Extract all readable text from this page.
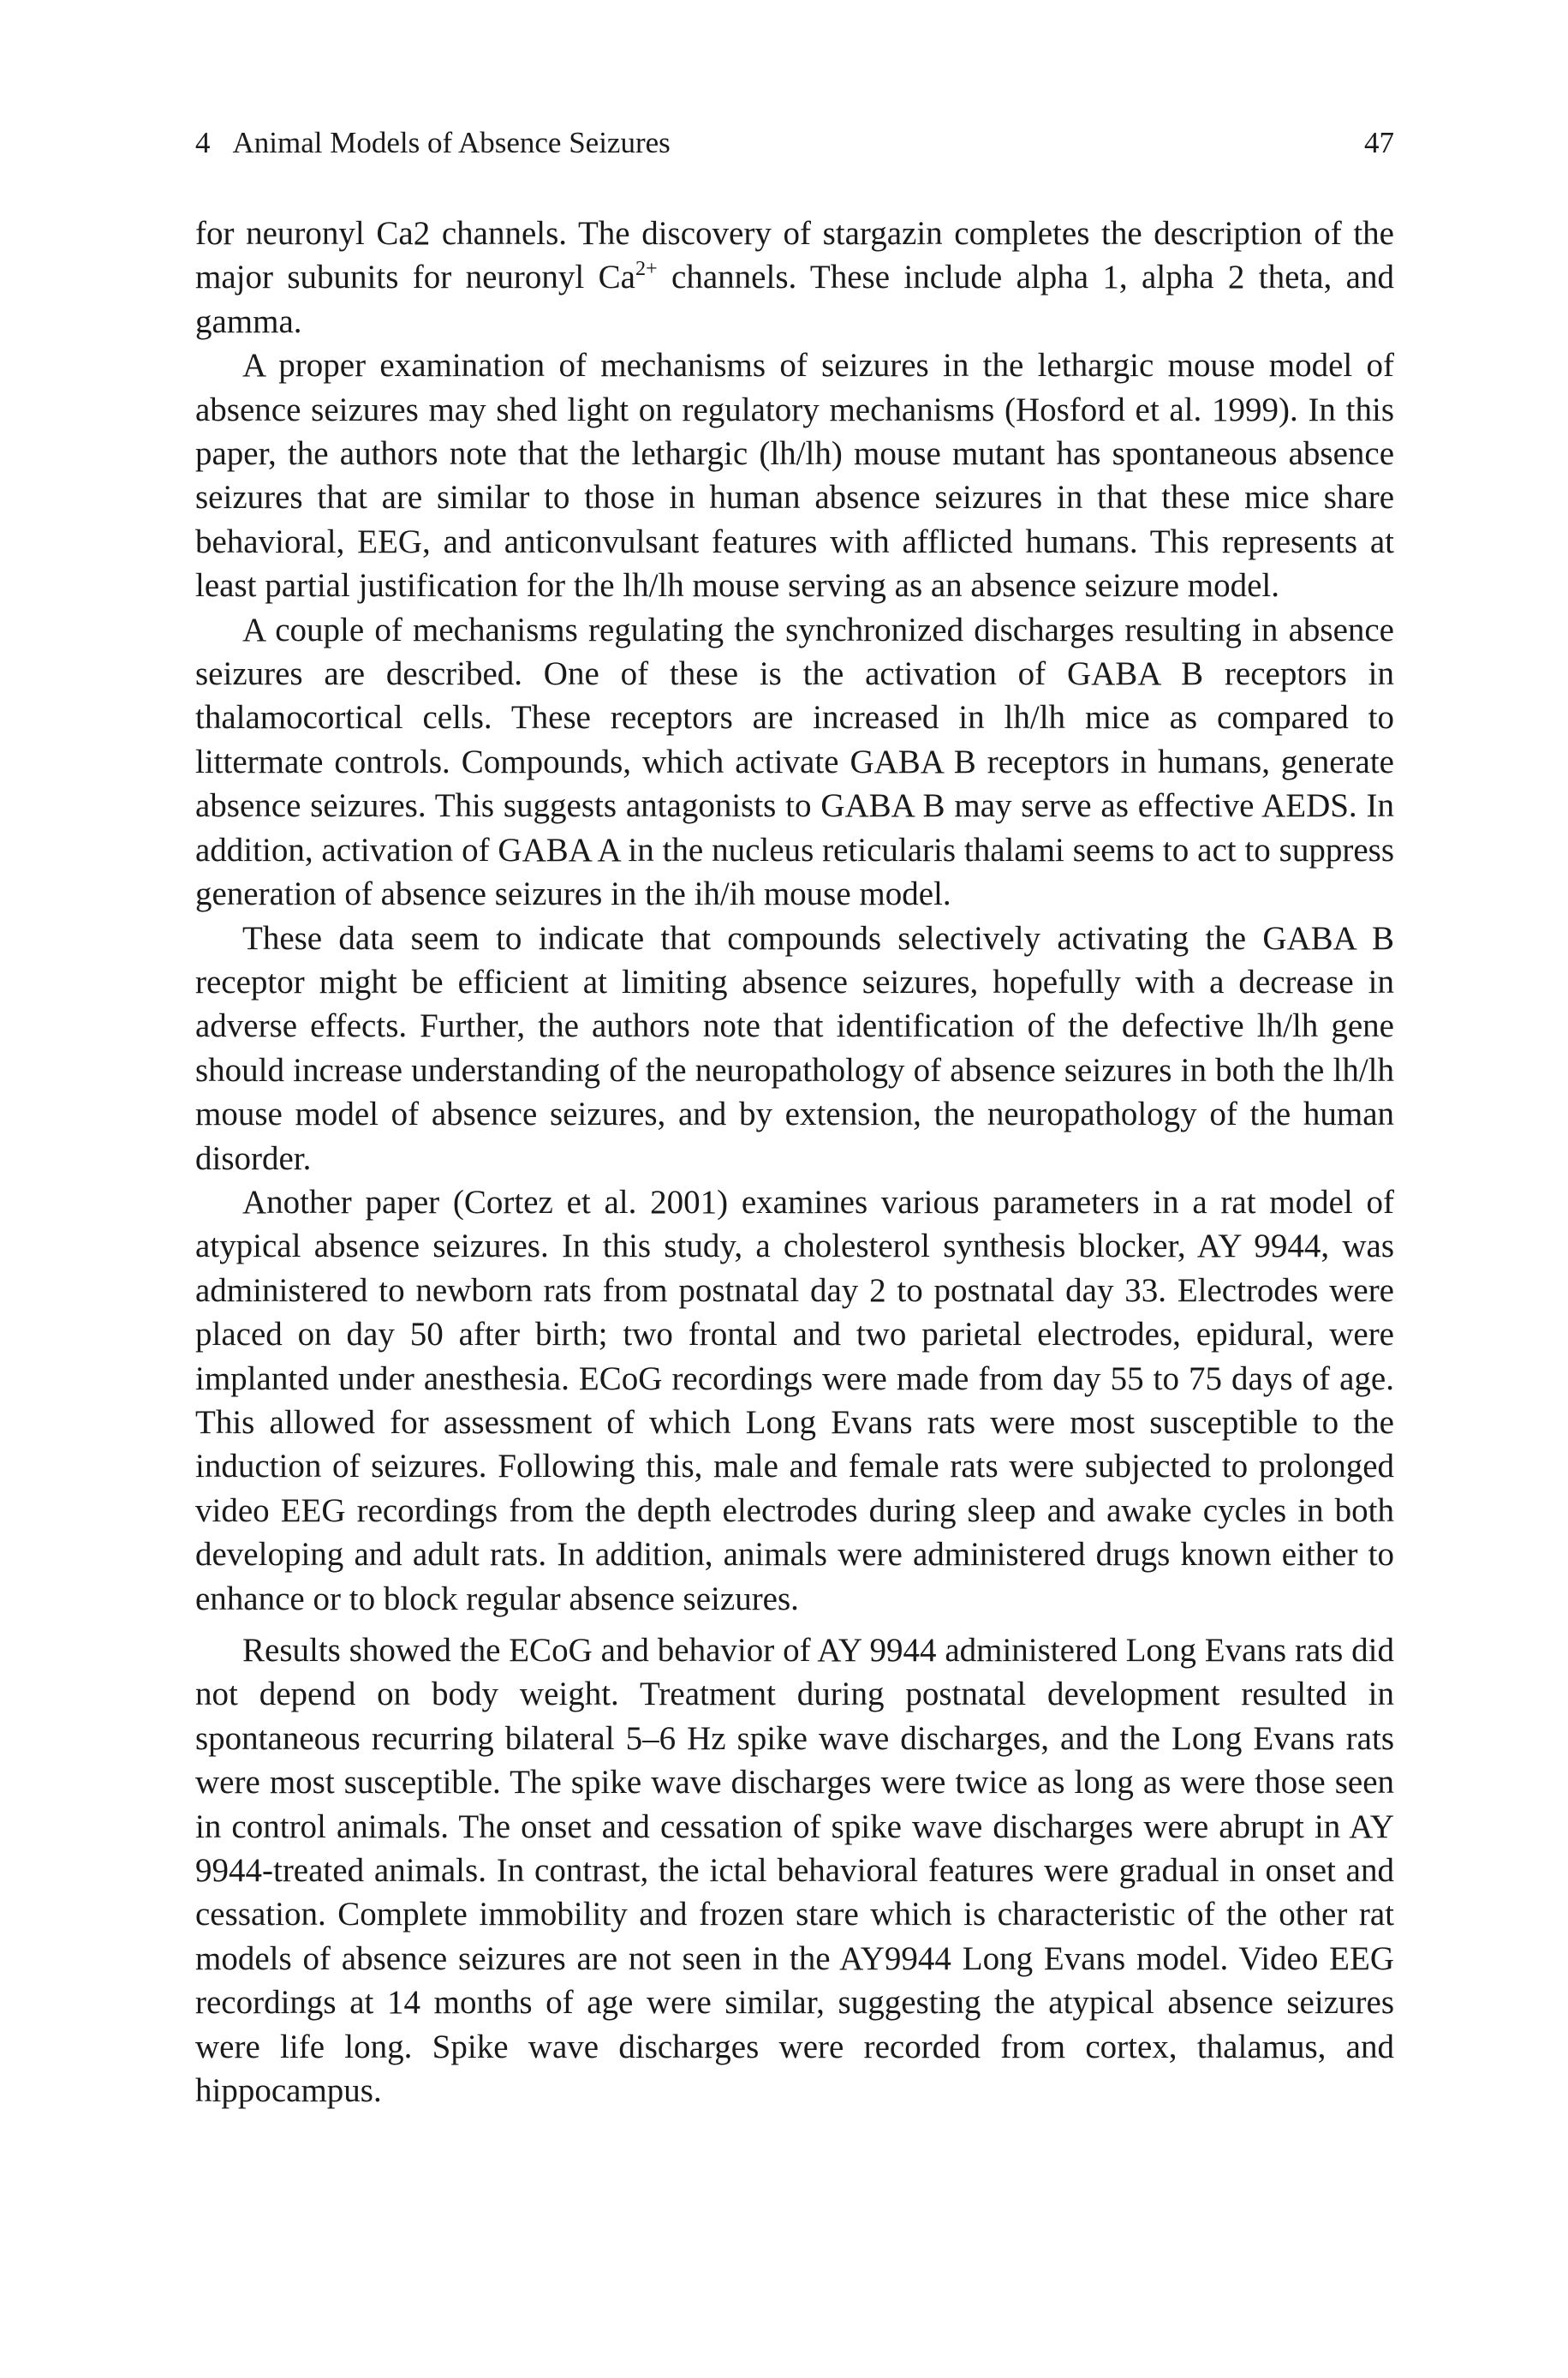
4 Animal Models of Absence Seizures	47

for neuronyl Ca2 channels. The discovery of stargazin completes the description of the major subunits for neuronyl $Ca^{2+}$ channels. These include alpha 1, alpha 2 theta, and gamma.

A proper examination of mechanisms of seizures in the lethargic mouse model of absence seizures may shed light on regulatory mechanisms (Hosford et al. 1999). In this paper, the authors note that the lethargic (lh/lh) mouse mutant has spontaneous absence seizures that are similar to those in human absence seizures in that these mice share behavioral, EEG, and anticonvulsant features with afflicted humans. This represents at least partial justification for the lh/lh mouse serving as an absence seizure model.

A couple of mechanisms regulating the synchronized discharges resulting in absence seizures are described. One of these is the activation of GABA B receptors in thalamocortical cells. These receptors are increased in lh/lh mice as compared to littermate controls. Compounds, which activate GABA B receptors in humans, generate absence seizures. This suggests antagonists to GABA B may serve as effective AEDS. In addition, activation of GABA A in the nucleus reticularis thalami seems to act to suppress generation of absence seizures in the ih/ih mouse model.

These data seem to indicate that compounds selectively activating the GABA B receptor might be efficient at limiting absence seizures, hopefully with a decrease in adverse effects. Further, the authors note that identification of the defective lh/lh gene should increase understanding of the neuropathology of absence seizures in both the lh/lh mouse model of absence seizures, and by extension, the neuropathology of the human disorder.

Another paper (Cortez et al. 2001) examines various parameters in a rat model of atypical absence seizures. In this study, a cholesterol synthesis blocker, AY 9944, was administered to newborn rats from postnatal day 2 to postnatal day 33. Electrodes were placed on day 50 after birth; two frontal and two parietal electrodes, epidural, were implanted under anesthesia. ECoG recordings were made from day 55 to 75 days of age. This allowed for assessment of which Long Evans rats were most susceptible to the induction of seizures. Following this, male and female rats were subjected to prolonged video EEG recordings from the depth electrodes during sleep and awake cycles in both developing and adult rats. In addition, animals were administered drugs known either to enhance or to block regular absence seizures.

Results showed the ECoG and behavior of AY 9944 administered Long Evans rats did not depend on body weight. Treatment during postnatal development resulted in spontaneous recurring bilateral 5–6 Hz spike wave discharges, and the Long Evans rats were most susceptible. The spike wave discharges were twice as long as were those seen in control animals. The onset and cessation of spike wave discharges were abrupt in AY 9944-treated animals. In contrast, the ictal behavioral features were gradual in onset and cessation. Complete immobility and frozen stare which is characteristic of the other rat models of absence seizures are not seen in the AY9944 Long Evans model. Video EEG recordings at 14 months of age were similar, suggesting the atypical absence seizures were life long. Spike wave discharges were recorded from cortex, thalamus, and hippocampus.
